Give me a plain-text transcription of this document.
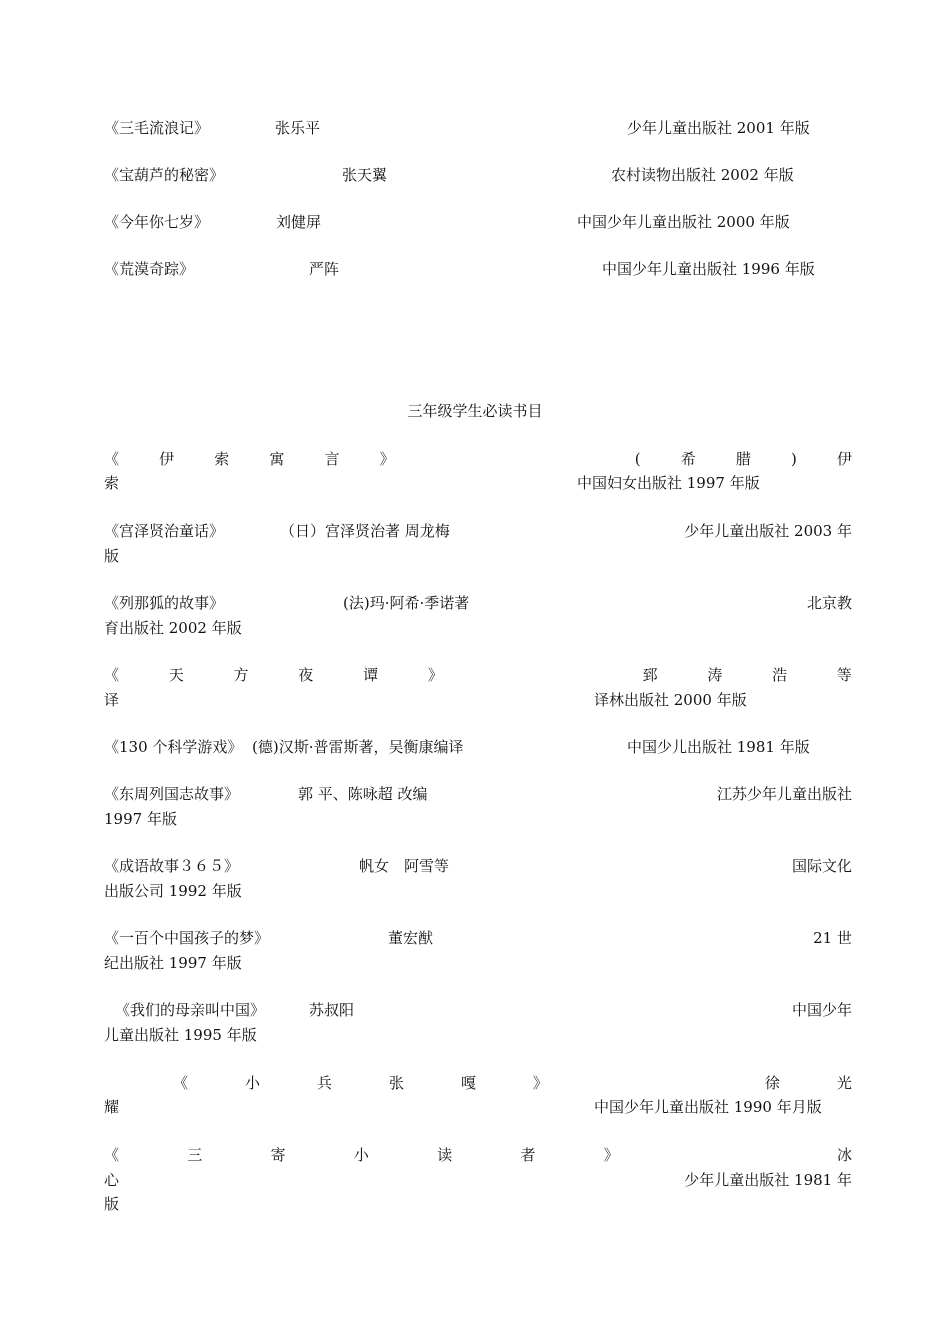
《三毛流浪记》	张乐平	少年儿童出版社 2001 年版
《宝葫芦的秘密》	张天翼	农村读物出版社 2002 年版
《今年你七岁》	刘健屏	中国少年儿童出版社 2000 年版
《荒漠奇踪》	严阵	中国少年儿童出版社 1996 年版
三年级学生必读书目
《	伊	索	寓	言	》	(	希	腊	)	伊
索	中国妇女出版社 1997 年版
《宫泽贤治童话》	（日）宫泽贤治著 周龙梅	少年儿童出版社 2003 年
版
《列那狐的故事》	(法)玛·阿希·季诺著	北京教
育出版社 2002 年版
《	天	方	夜	谭	》	郅	涛	浩	等
译	译林出版社 2000 年版
《130 个科学游戏》 (德)汉斯·普雷斯著，吴衡康编译	中国少儿出版社 1981 年版
《东周列国志故事》	郭 平、陈咏超 改编	江苏少年儿童出版社
1997 年版
《成语故事３６５》	帆女　阿雪等	国际文化
出版公司 1992 年版
《一百个中国孩子的梦》	董宏猷	21 世
纪出版社 1997 年版
《我们的母亲叫中国》	苏叔阳	中国少年
儿童出版社 1995 年版
《	小	兵	张	嘎	》	徐	光
耀	中国少年儿童出版社 1990 年月版
《	三	寄	小	读	者	》	冰
心	少年儿童出版社 1981 年
版
